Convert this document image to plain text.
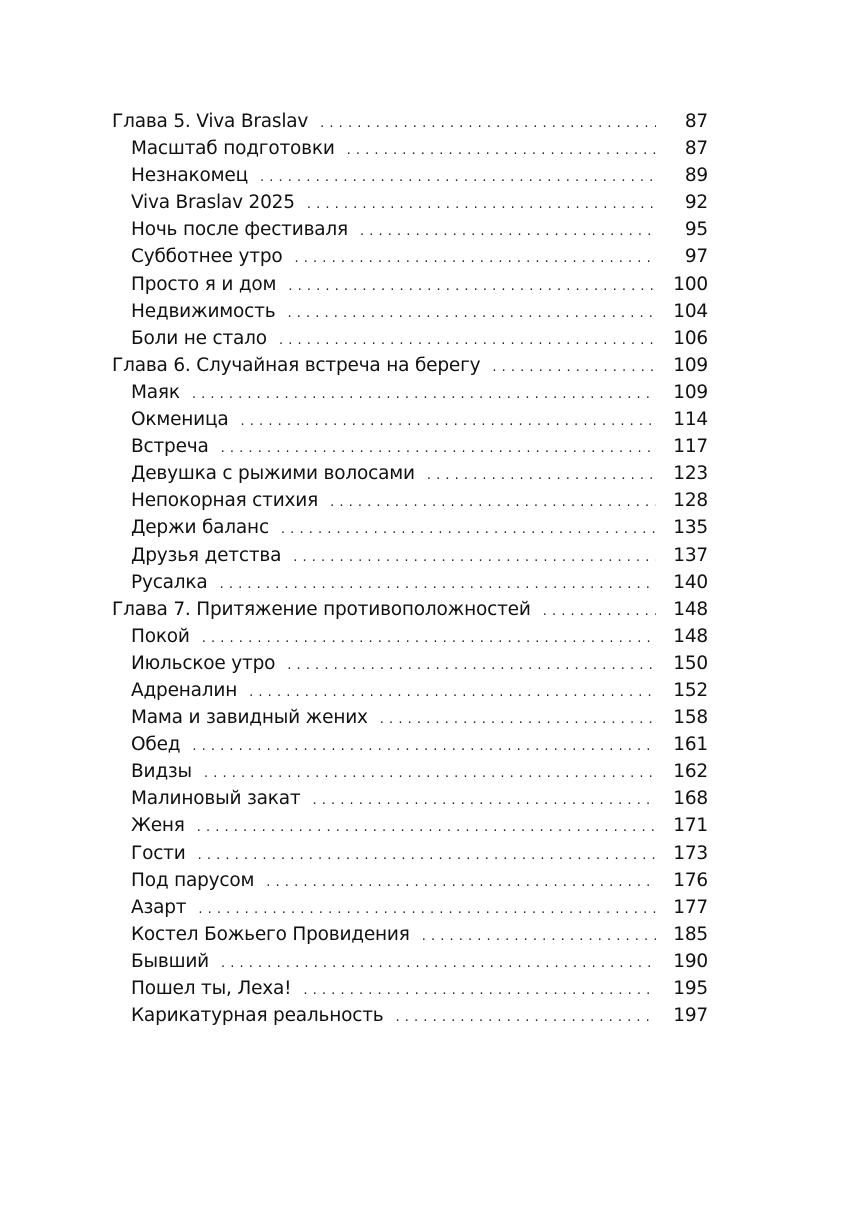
Глава 5. Viva Braslav . . .	87
Масштаб подготовки . . .	87
Незнакомец . . .	89
Viva Braslav 2025 . . .	92
Ночь после фестиваля . . .	95
Субботнее утро . . .	97
Просто я и дом . . .	100
Недвижимость . . .	104
Боли не стало . . .	106
Глава 6. Случайная встреча на берегу . . .	109
Маяк . . .	109
Окменица . . .	114
Встреча . . .	117
Девушка с рыжими волосами . . .	123
Непокорная стихия . . .	128
Держи баланс . . .	135
Друзья детства . . .	137
Русалка . . .	140
Глава 7. Притяжение противоположностей . . .	148
Покой . . .	148
Июльское утро . . .	150
Адреналин . . .	152
Мама и завидный жених . . .	158
Обед . . .	161
Видзы . . .	162
Малиновый закат . . .	168
Женя . . .	171
Гости . . .	173
Под парусом . . .	176
Азарт . . .	177
Костел Божьего Провидения . . .	185
Бывший . . .	190
Пошел ты, Леха! . . .	195
Карикатурная реальность . . .	197
